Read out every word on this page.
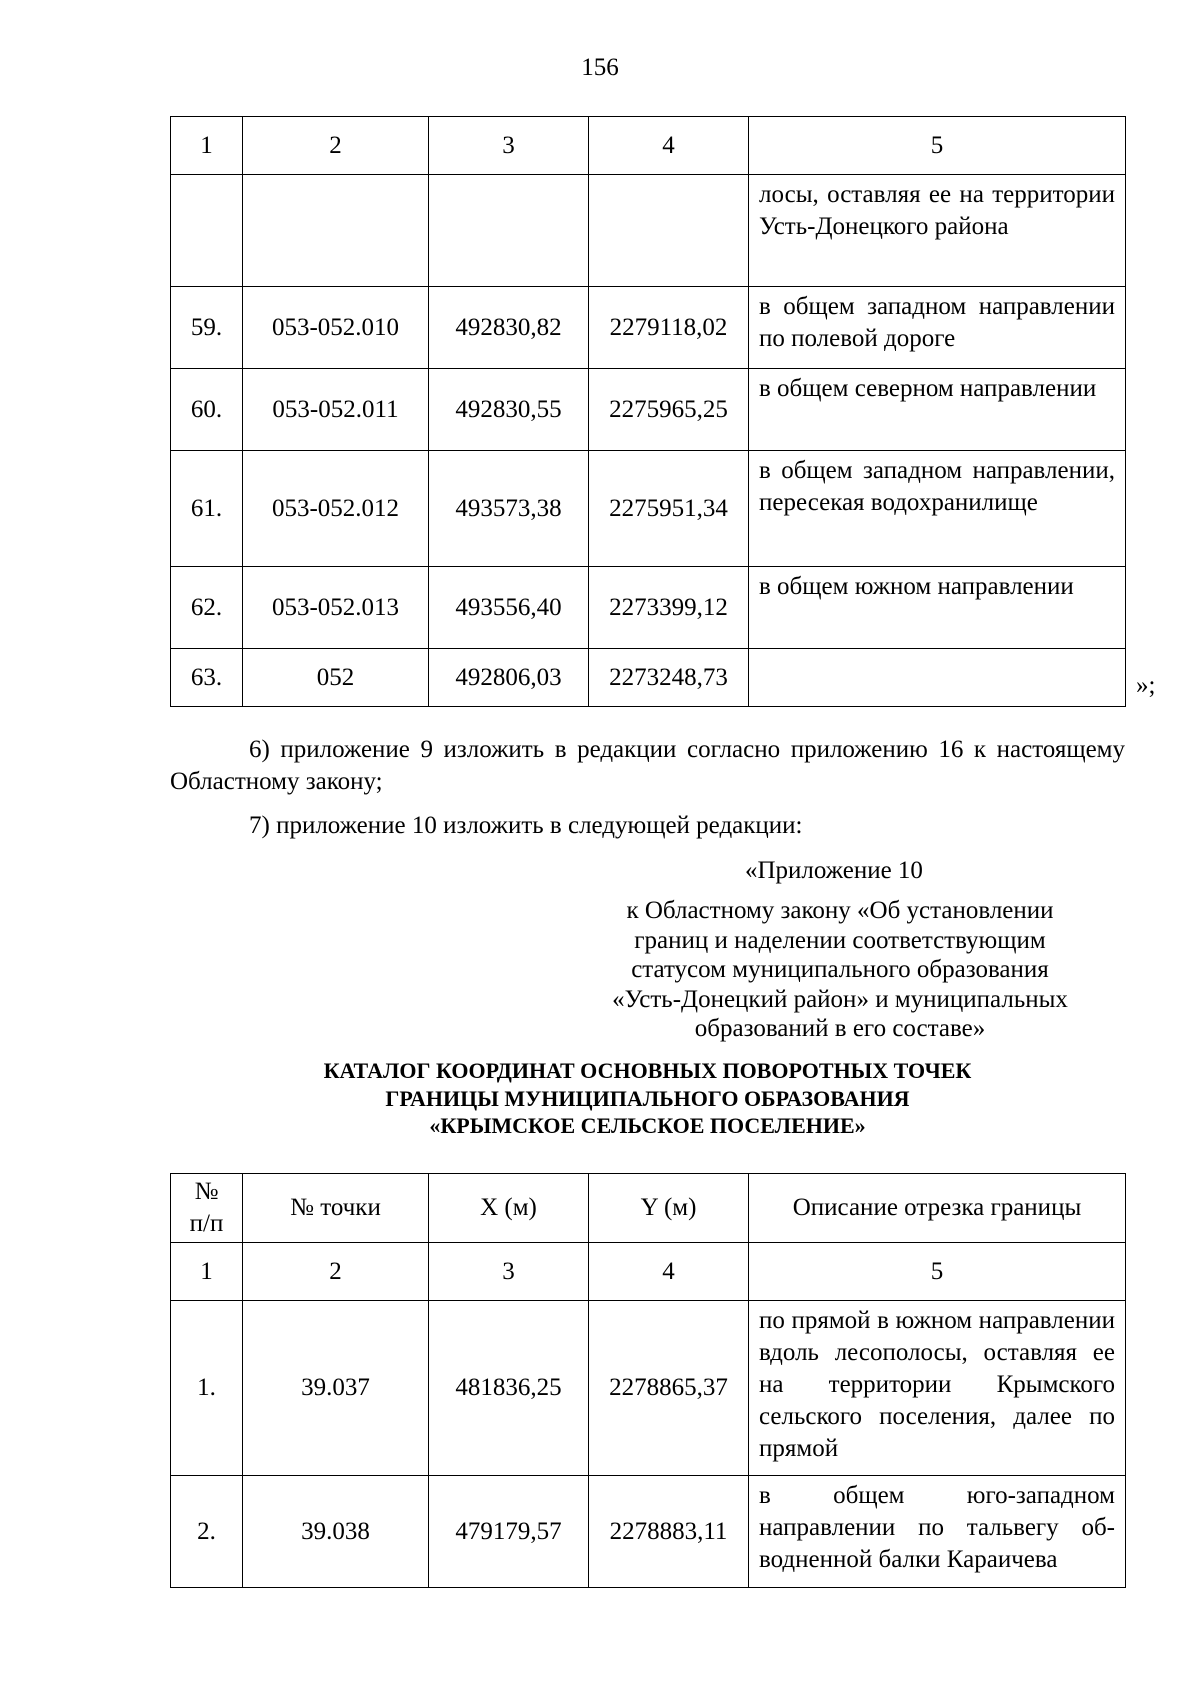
156
1	2	3	4	5
				лосы, оставляя ее на территории Усть-Донецкого района
59.	053-052.010	492830,82	2279118,02	в общем западном направлении по полевой дороге
60.	053-052.011	492830,55	2275965,25	в общем северном направлении
61.	053-052.012	493573,38	2275951,34	в общем западном направлении, пересекая водохранилище
62.	053-052.013	493556,40	2273399,12	в общем южном направлении
63.	052	492806,03	2273248,73		»;
6) приложение 9 изложить в редакции согласно приложению 16 к настоящему Областному закону;
7) приложение 10 изложить в следующей редакции:
«Приложение 10
к Областному закону «Об установлении
границ и наделении соответствующим
статусом муниципального образования
«Усть-Донецкий район» и муниципальных
образований в его составе»
КАТАЛОГ КООРДИНАТ ОСНОВНЫХ ПОВОРОТНЫХ ТОЧЕК
ГРАНИЦЫ МУНИЦИПАЛЬНОГО ОБРАЗОВАНИЯ
«КРЫМСКОЕ СЕЛЬСКОЕ ПОСЕЛЕНИЕ»
№
п/п	№ точки	X (м)	Y (м)	Описание отрезка границы
1	2	3	4	5
1.	39.037	481836,25	2278865,37	по прямой в южном направлении вдоль лесополосы, оставляя ее на территории Крымского сельского поселения, далее по прямой
2.	39.038	479179,57	2278883,11	в общем юго-западном направлении по тальвегу обводненной балки Караичева
